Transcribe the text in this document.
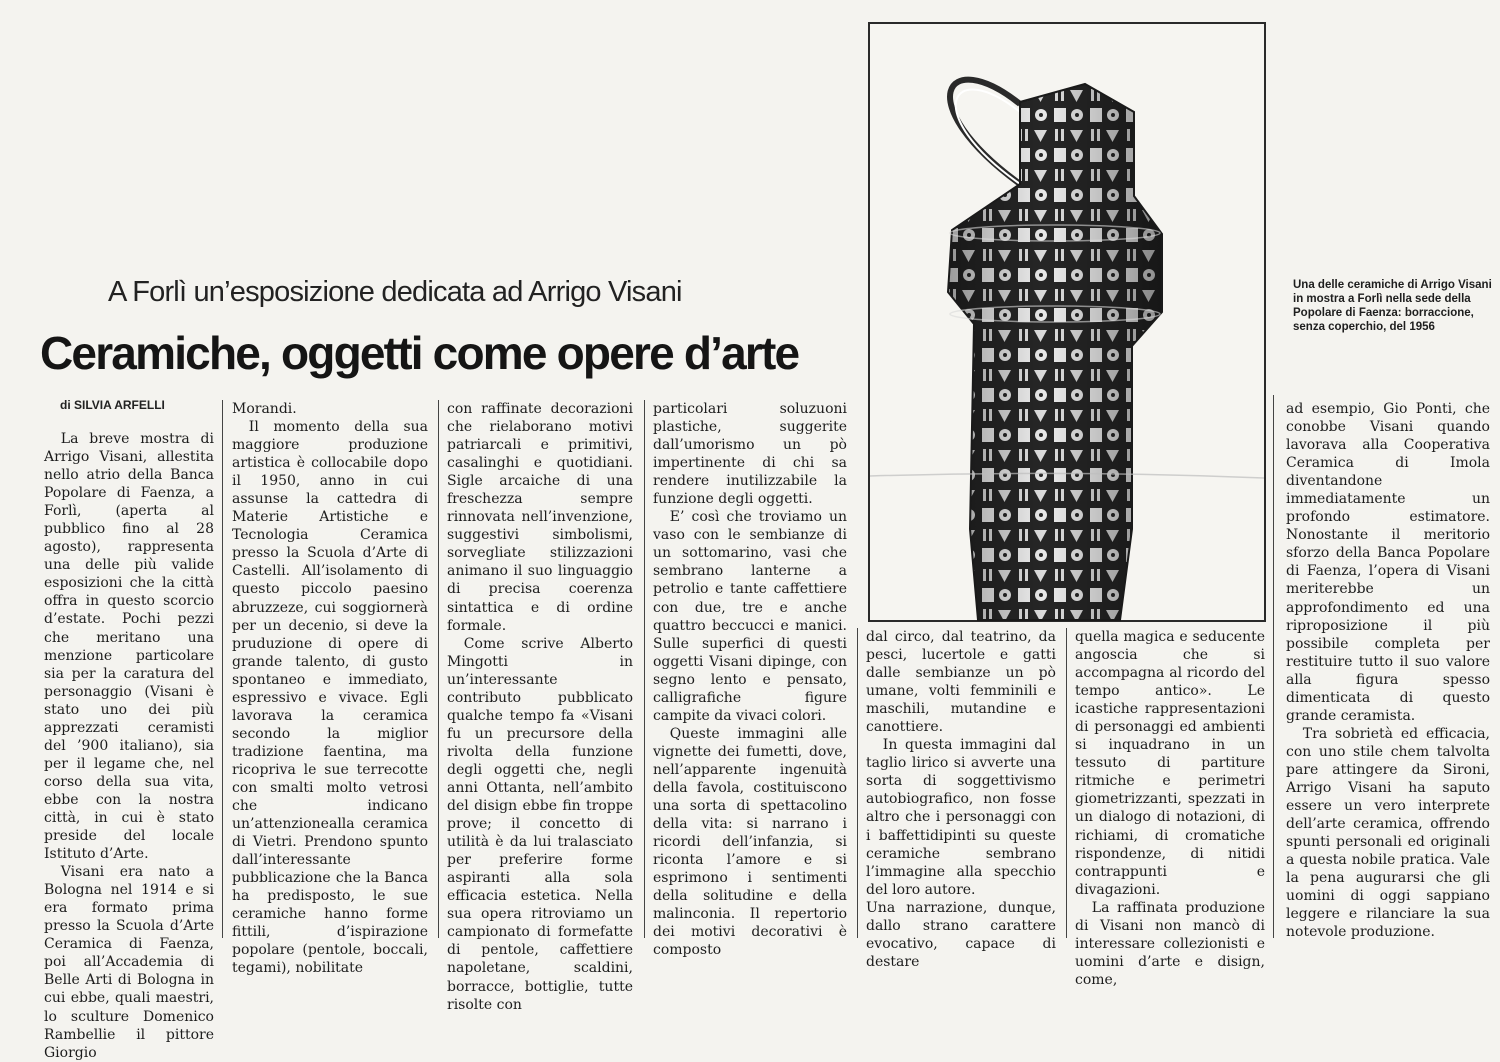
A Forlì un’esposizione dedicata ad Arrigo Visani
Ceramiche, oggetti come opere d’arte
di SILVIA ARFELLI

La breve mostra di Arrigo Visani, allestita nello atrio della Banca Popolare di Faenza, a Forlì, (aperta al pubblico fino al 28 agosto), rappresenta una delle più valide esposizioni che la città offra in questo scorcio d’estate. Pochi pezzi che meritano una menzione particolare sia per la caratura del personaggio (Visani è stato uno dei più apprezzati ceramisti del ’900 italiano), sia per il legame che, nel corso della sua vita, ebbe con la nostra città, in cui è stato preside del locale Istituto d’Arte.

Visani era nato a Bologna nel 1914 e si era formato prima presso la Scuola d’Arte Ceramica di Faenza, poi all’Accademia di Belle Arti di Bologna in cui ebbe, quali maestri, lo sculture Domenico Rambellie il pittore Giorgio

Morandi.

Il momento della sua maggiore produzione artistica è collocabile dopo il 1950, anno in cui assunse la cattedra di Materie Artistiche e Tecnologia Ceramica presso la Scuola d’Arte di Castelli. All’isolamento di questo piccolo paesino abruzzeze, cui soggiornerà per un decenio, si deve la pruduzione di opere di grande talento, di gusto spontaneo e immediato, espressivo e vivace. Egli lavorava la ceramica secondo la miglior tradizione faentina, ma ricopriva le sue terrecotte con smalti molto vetrosi che indicano un’attenzionealla ceramica di Vietri. Prendono spunto dall’interessante pubblicazione che la Banca ha predisposto, le sue ceramiche hanno forme fittili, d’ispirazione popolare (pentole, boccali, tegami), nobilitate

con raffinate decorazioni che rielaborano motivi patriarcali e primitivi, casalinghi e quotidiani. Sigle arcaiche di una freschezza sempre rinnovata nell’invenzione, suggestivi simbolismi, sorvegliate stilizzazioni animano il suo linguaggio di precisa coerenza sintattica e di ordine formale.

Come scrive Alberto Mingotti in un’interessante contributo pubblicato qualche tempo fa «Visani fu un precursore della rivolta della funzione degli oggetti che, negli anni Ottanta, nell’ambito del disign ebbe fin troppe prove; il concetto di utilità è da lui tralasciato per preferire forme aspiranti alla sola efficacia estetica. Nella sua opera ritroviamo un campionato di formefatte di pentole, caffettiere napoletane, scaldini, borracce, bottiglie, tutte risolte con

particolari soluzuoni plastiche, suggerite dall’umorismo un pò impertinente di chi sa rendere inutilizzabile la funzione degli oggetti.

E’ così che troviamo un vaso con le sembianze di un sottomarino, vasi che sembrano lanterne a petrolio e tante caffettiere con due, tre e anche quattro beccucci e manici. Sulle superfici di questi oggetti Visani dipinge, con segno lento e pensato, calligrafiche figure campite da vivaci colori.

Queste immagini alle vignette dei fumetti, dove, nell’apparente ingenuità della favola, costituiscono una sorta di spettacolino della vita: si narrano i ricordi dell’infanzia, si riconta l’amore e si esprimono i sentimenti della solitudine e della malinconia. Il repertorio dei motivi decorativi è composto

dal circo, dal teatrino, da pesci, lucertole e gatti dalle sembianze un pò umane, volti femminili e maschili, mutandine e canottiere.

In questa immagini dal taglio lirico si avverte una sorta di soggettivismo autobiografico, non fosse altro che i personaggi con i baffettidipinti su queste ceramiche sembrano l’immagine alla specchio del loro autore.

Una narrazione, dunque, dallo strano carattere evocativo, capace di destare

quella magica e seducente angoscia che si accompagna al ricordo del tempo antico». Le icastiche rappresentazioni di personaggi ed ambienti si inquadrano in un tessuto di partiture ritmiche e perimetri giometrizzanti, spezzati in un dialogo di notazioni, di richiami, di cromatiche rispondenze, di nitidi contrappunti e divagazioni.

La raffinata produzione di Visani non mancò di interessare collezionisti e uomini d’arte e disign, come,

ad esempio, Gio Ponti, che conobbe Visani quando lavorava alla Cooperativa Ceramica di Imola diventandone immediatamente un profondo estimatore. Nonostante il meritorio sforzo della Banca Popolare di Faenza, l’opera di Visani meriterebbe un approfondimento ed una riproposizione il più possibile completa per restituire tutto il suo valore alla figura spesso dimenticata di questo grande ceramista.

Tra sobrietà ed efficacia, con uno stile chem talvolta pare attingere da Sironi, Arrigo Visani ha saputo essere un vero interprete dell’arte ceramica, offrendo spunti personali ed originali a questa nobile pratica. Vale la pena augurarsi che gli uomini di oggi sappiano leggere e rilanciare la sua notevole produzione.

Una delle ceramiche di Arrigo Visani in mostra a Forlì nella sede della Popolare di Faenza: borraccione, senza coperchio, del 1956
